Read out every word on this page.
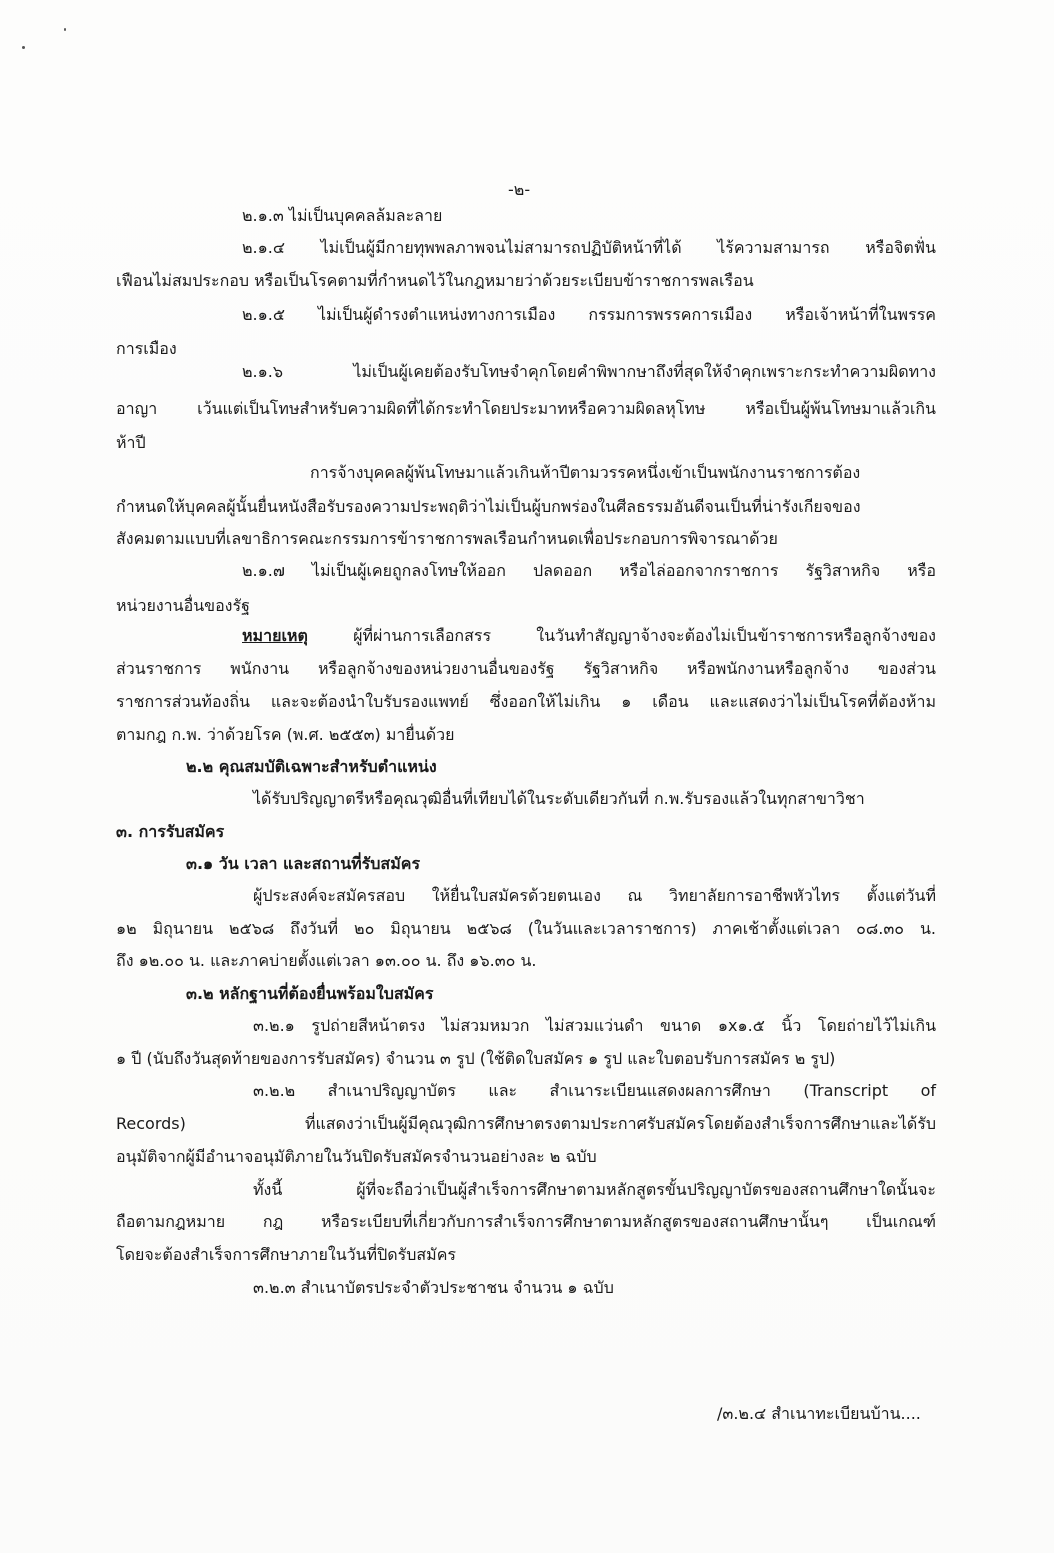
-๒-
๒.๑.๓ ไม่เป็นบุคคลล้มละลาย
๒.๑.๔ ไม่เป็นผู้มีกายทุพพลภาพจนไม่สามารถปฏิบัติหน้าที่ได้ ไร้ความสามารถ หรือจิตฟั่น
เฟือนไม่สมประกอบ หรือเป็นโรคตามที่กำหนดไว้ในกฎหมายว่าด้วยระเบียบข้าราชการพลเรือน
๒.๑.๕ ไม่เป็นผู้ดำรงตำแหน่งทางการเมือง กรรมการพรรคการเมือง หรือเจ้าหน้าที่ในพรรค
การเมือง
๒.๑.๖ ไม่เป็นผู้เคยต้องรับโทษจำคุกโดยคำพิพากษาถึงที่สุดให้จำคุกเพราะกระทำความผิดทาง
อาญา เว้นแต่เป็นโทษสำหรับความผิดที่ได้กระทำโดยประมาทหรือความผิดลหุโทษ หรือเป็นผู้พ้นโทษมาแล้วเกิน
ห้าปี
การจ้างบุคคลผู้พ้นโทษมาแล้วเกินห้าปีตามวรรคหนึ่งเข้าเป็นพนักงานราชการต้อง
กำหนดให้บุคคลผู้นั้นยื่นหนังสือรับรองความประพฤติว่าไม่เป็นผู้บกพร่องในศีลธรรมอันดีจนเป็นที่น่ารังเกียจของ
สังคมตามแบบที่เลขาธิการคณะกรรมการข้าราชการพลเรือนกำหนดเพื่อประกอบการพิจารณาด้วย
๒.๑.๗ ไม่เป็นผู้เคยถูกลงโทษให้ออก ปลดออก หรือไล่ออกจากราชการ รัฐวิสาหกิจ หรือ
หน่วยงานอื่นของรัฐ
หมายเหตุ	ผู้ที่ผ่านการเลือกสรร ในวันทำสัญญาจ้างจะต้องไม่เป็นข้าราชการหรือลูกจ้างของ
ส่วนราชการ พนักงาน หรือลูกจ้างของหน่วยงานอื่นของรัฐ รัฐวิสาหกิจ หรือพนักงานหรือลูกจ้าง ของส่วน
ราชการส่วนท้องถิ่น และจะต้องนำใบรับรองแพทย์ ซึ่งออกให้ไม่เกิน ๑ เดือน และแสดงว่าไม่เป็นโรคที่ต้องห้าม
ตามกฎ ก.พ. ว่าด้วยโรค (พ.ศ. ๒๕๕๓) มายื่นด้วย
๒.๒ คุณสมบัติเฉพาะสำหรับตำแหน่ง
ได้รับปริญญาตรีหรือคุณวุฒิอื่นที่เทียบได้ในระดับเดียวกันที่ ก.พ.รับรองแล้วในทุกสาขาวิชา
๓. การรับสมัคร
๓.๑ วัน เวลา และสถานที่รับสมัคร
ผู้ประสงค์จะสมัครสอบ ให้ยื่นใบสมัครด้วยตนเอง ณ วิทยาลัยการอาชีพหัวไทร ตั้งแต่วันที่
๑๒ มิถุนายน ๒๕๖๘ ถึงวันที่ ๒๐ มิถุนายน ๒๕๖๘ (ในวันและเวลาราชการ) ภาคเช้าตั้งแต่เวลา ๐๘.๓๐ น.
ถึง ๑๒.๐๐ น. และภาคบ่ายตั้งแต่เวลา ๑๓.๐๐ น. ถึง ๑๖.๓๐ น.
๓.๒ หลักฐานที่ต้องยื่นพร้อมใบสมัคร
๓.๒.๑ รูปถ่ายสีหน้าตรง ไม่สวมหมวก ไม่สวมแว่นดำ ขนาด ๑x๑.๕ นิ้ว โดยถ่ายไว้ไม่เกิน
๑ ปี (นับถึงวันสุดท้ายของการรับสมัคร) จำนวน ๓ รูป (ใช้ติดใบสมัคร ๑ รูป และใบตอบรับการสมัคร ๒ รูป)
๓.๒.๒ สำเนาปริญญาบัตร และ สำเนาระเบียนแสดงผลการศึกษา (Transcript of
Records) ที่แสดงว่าเป็นผู้มีคุณวุฒิการศึกษาตรงตามประกาศรับสมัครโดยต้องสำเร็จการศึกษาและได้รับ
อนุมัติจากผู้มีอำนาจอนุมัติภายในวันปิดรับสมัครจำนวนอย่างละ ๒ ฉบับ
ทั้งนี้ ผู้ที่จะถือว่าเป็นผู้สำเร็จการศึกษาตามหลักสูตรขั้นปริญญาบัตรของสถานศึกษาใดนั้นจะ
ถือตามกฎหมาย กฎ หรือระเบียบที่เกี่ยวกับการสำเร็จการศึกษาตามหลักสูตรของสถานศึกษานั้นๆ เป็นเกณฑ์
โดยจะต้องสำเร็จการศึกษาภายในวันที่ปิดรับสมัคร
๓.๒.๓ สำเนาบัตรประจำตัวประชาชน จำนวน ๑ ฉบับ
/๓.๒.๔ สำเนาทะเบียนบ้าน....
